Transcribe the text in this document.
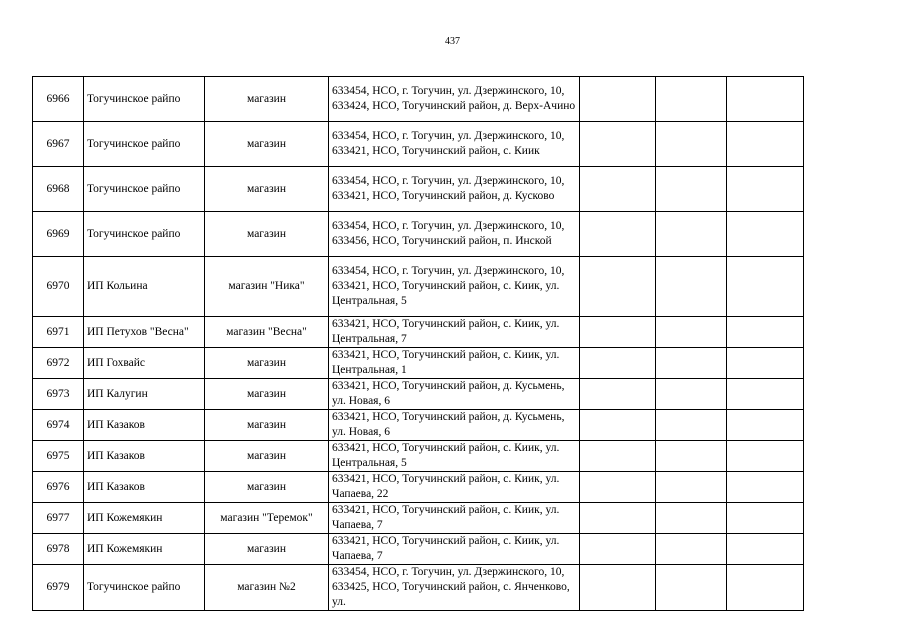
437
6966	Тогучинское райпо	магазин	633454, НСО, г. Тогучин, ул. Дзержинского, 10, 633424, НСО, Тогучинский район, д. Верх-Ачино			
6967	Тогучинское райпо	магазин	633454, НСО, г. Тогучин, ул. Дзержинского, 10, 633421, НСО, Тогучинский район, с. Киик			
6968	Тогучинское райпо	магазин	633454, НСО, г. Тогучин, ул. Дзержинского, 10, 633421, НСО, Тогучинский район, д. Кусково			
6969	Тогучинское райпо	магазин	633454, НСО, г. Тогучин, ул. Дзержинского, 10, 633456, НСО, Тогучинский район, п. Инской			
6970	ИП Кольина	магазин "Ника"	633454, НСО, г. Тогучин, ул. Дзержинского, 10, 633421, НСО, Тогучинский район, с. Киик, ул. Центральная, 5			
6971	ИП Петухов "Весна"	магазин "Весна"	633421, НСО, Тогучинский район, с. Киик, ул. Центральная, 7			
6972	ИП Гохвайс	магазин	633421, НСО, Тогучинский район, с. Киик, ул. Центральная, 1			
6973	ИП Калугин	магазин	633421, НСО, Тогучинский район, д. Кусьмень, ул. Новая, 6			
6974	ИП Казаков	магазин	633421, НСО, Тогучинский район, д. Кусьмень, ул. Новая, 6			
6975	ИП Казаков	магазин	633421, НСО, Тогучинский район, с. Киик, ул. Центральная, 5			
6976	ИП Казаков	магазин	633421, НСО, Тогучинский район, с. Киик, ул. Чапаева, 22			
6977	ИП Кожемякин	магазин "Теремок"	633421, НСО, Тогучинский район, с. Киик, ул. Чапаева, 7			
6978	ИП Кожемякин	магазин	633421, НСО, Тогучинский район, с. Киик, ул. Чапаева, 7			
6979	Тогучинское райпо	магазин №2	633454, НСО, г. Тогучин, ул. Дзержинского, 10, 633425, НСО, Тогучинский район, с. Янченково, ул.			
